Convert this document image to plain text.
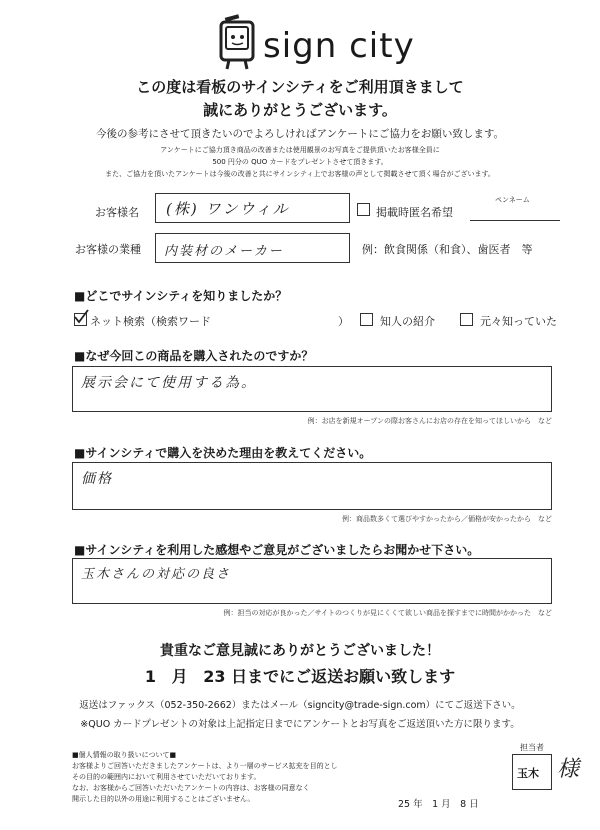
sign city
この度は看板のサインシティをご利用頂きまして
誠にありがとうございます。
今後の参考にさせて頂きたいのでよろしければアンケートにご協力をお願い致します。
アンケートにご協力頂き商品の改善または使用観景のお写真をご提供頂いたお客様全員に
500 円分の QUO カードをプレゼントさせて頂きます。
また、ご協力を頂いたアンケートは今後の改善と共にサインシティ上でお客様の声として掲載させて頂く場合がございます。
お客様名 (株) ワンウィル	掲載時匿名希望
ペンネーム
お客様の業種 内装材のメーカー	例：飲食関係（和食）、歯医者　等
■どこでサインシティを知りましたか？
ネット検索（検索ワード	）	知人の紹介	元々知っていた
■なぜ今回この商品を購入されたのですか？
展示会にて使用する為。
例：お店を新規オープンの際お客さんにお店の存在を知ってほしいから　など
■サインシティで購入を決めた理由を教えてください。
価格
例：商品数多くて選びやすかったから／価格が安かったから　など
■サインシティを利用した感想やご意見がございましたらお聞かせ下さい。
玉木さんの対応の良さ
例：担当の対応が良かった／サイトのつくりが見にくくて欲しい商品を探すまでに時間がかかった　など
貴重なご意見誠にありがとうございました！
1 月 23 日までにご返送お願い致します
返送はファックス（052-350-2662）またはメール（signcity@trade-sign.com）にてご返送下さい。
※QUO カードプレゼントの対象は上記指定日までにアンケートとお写真をご返送頂いた方に限ります。
■個人情報の取り扱いについて■
お客様よりご回答いただきましたアンケートは、より一層のサービス拡充を目的とし
その目的の範囲内において利用させていただいております。
なお、お客様からご回答いただいたアンケートの内容は、お客様の同意なく
開示した目的以外の用途に利用することはございません。	25 年　1 月　8 日
担当者
玉木 様
